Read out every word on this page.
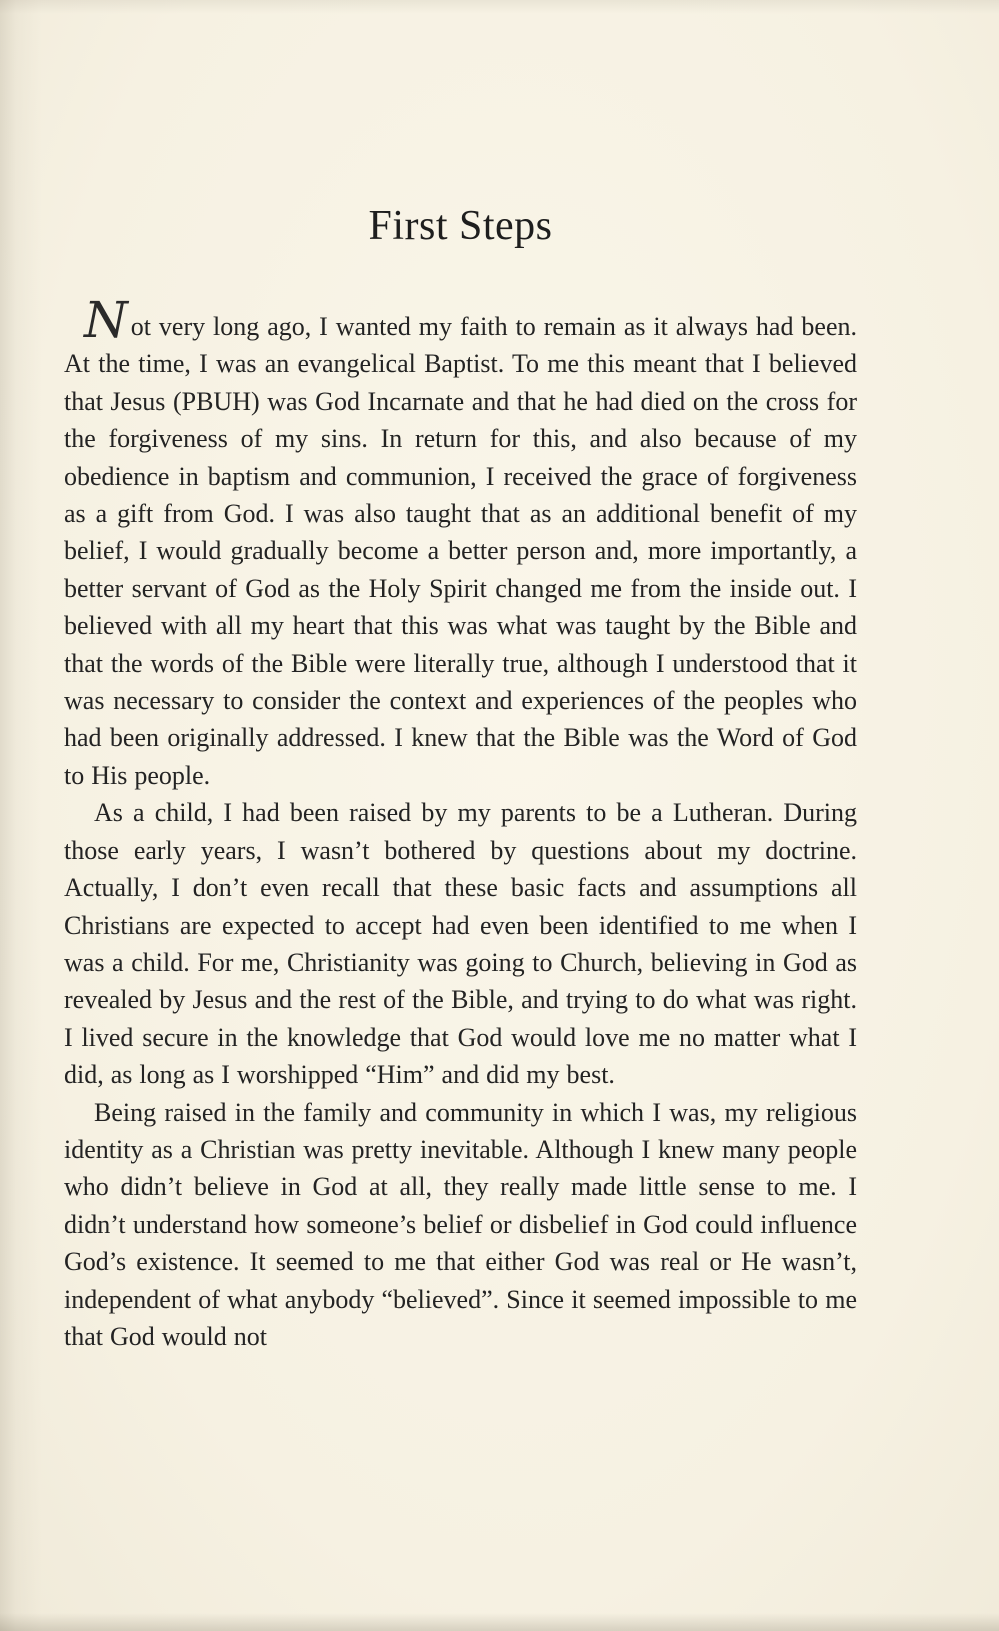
First Steps

Not very long ago, I wanted my faith to remain as it always had been. At the time, I was an evangelical Baptist. To me this meant that I believed that Jesus (PBUH) was God Incarnate and that he had died on the cross for the forgiveness of my sins. In return for this, and also because of my obedience in baptism and communion, I received the grace of forgiveness as a gift from God. I was also taught that as an additional benefit of my belief, I would gradually become a better person and, more importantly, a better servant of God as the Holy Spirit changed me from the inside out. I believed with all my heart that this was what was taught by the Bible and that the words of the Bible were literally true, although I understood that it was necessary to consider the context and experiences of the peoples who had been originally addressed. I knew that the Bible was the Word of God to His people.

As a child, I had been raised by my parents to be a Lutheran. During those early years, I wasn’t bothered by questions about my doctrine. Actually, I don’t even recall that these basic facts and assumptions all Christians are expected to accept had even been identified to me when I was a child. For me, Christianity was going to Church, believing in God as revealed by Jesus and the rest of the Bible, and trying to do what was right. I lived secure in the knowledge that God would love me no matter what I did, as long as I worshipped “Him” and did my best.

Being raised in the family and community in which I was, my religious identity as a Christian was pretty inevitable. Although I knew many people who didn’t believe in God at all, they really made little sense to me. I didn’t understand how someone’s belief or disbelief in God could influence God’s existence. It seemed to me that either God was real or He wasn’t, independent of what anybody “believed”. Since it seemed impossible to me that God would not
